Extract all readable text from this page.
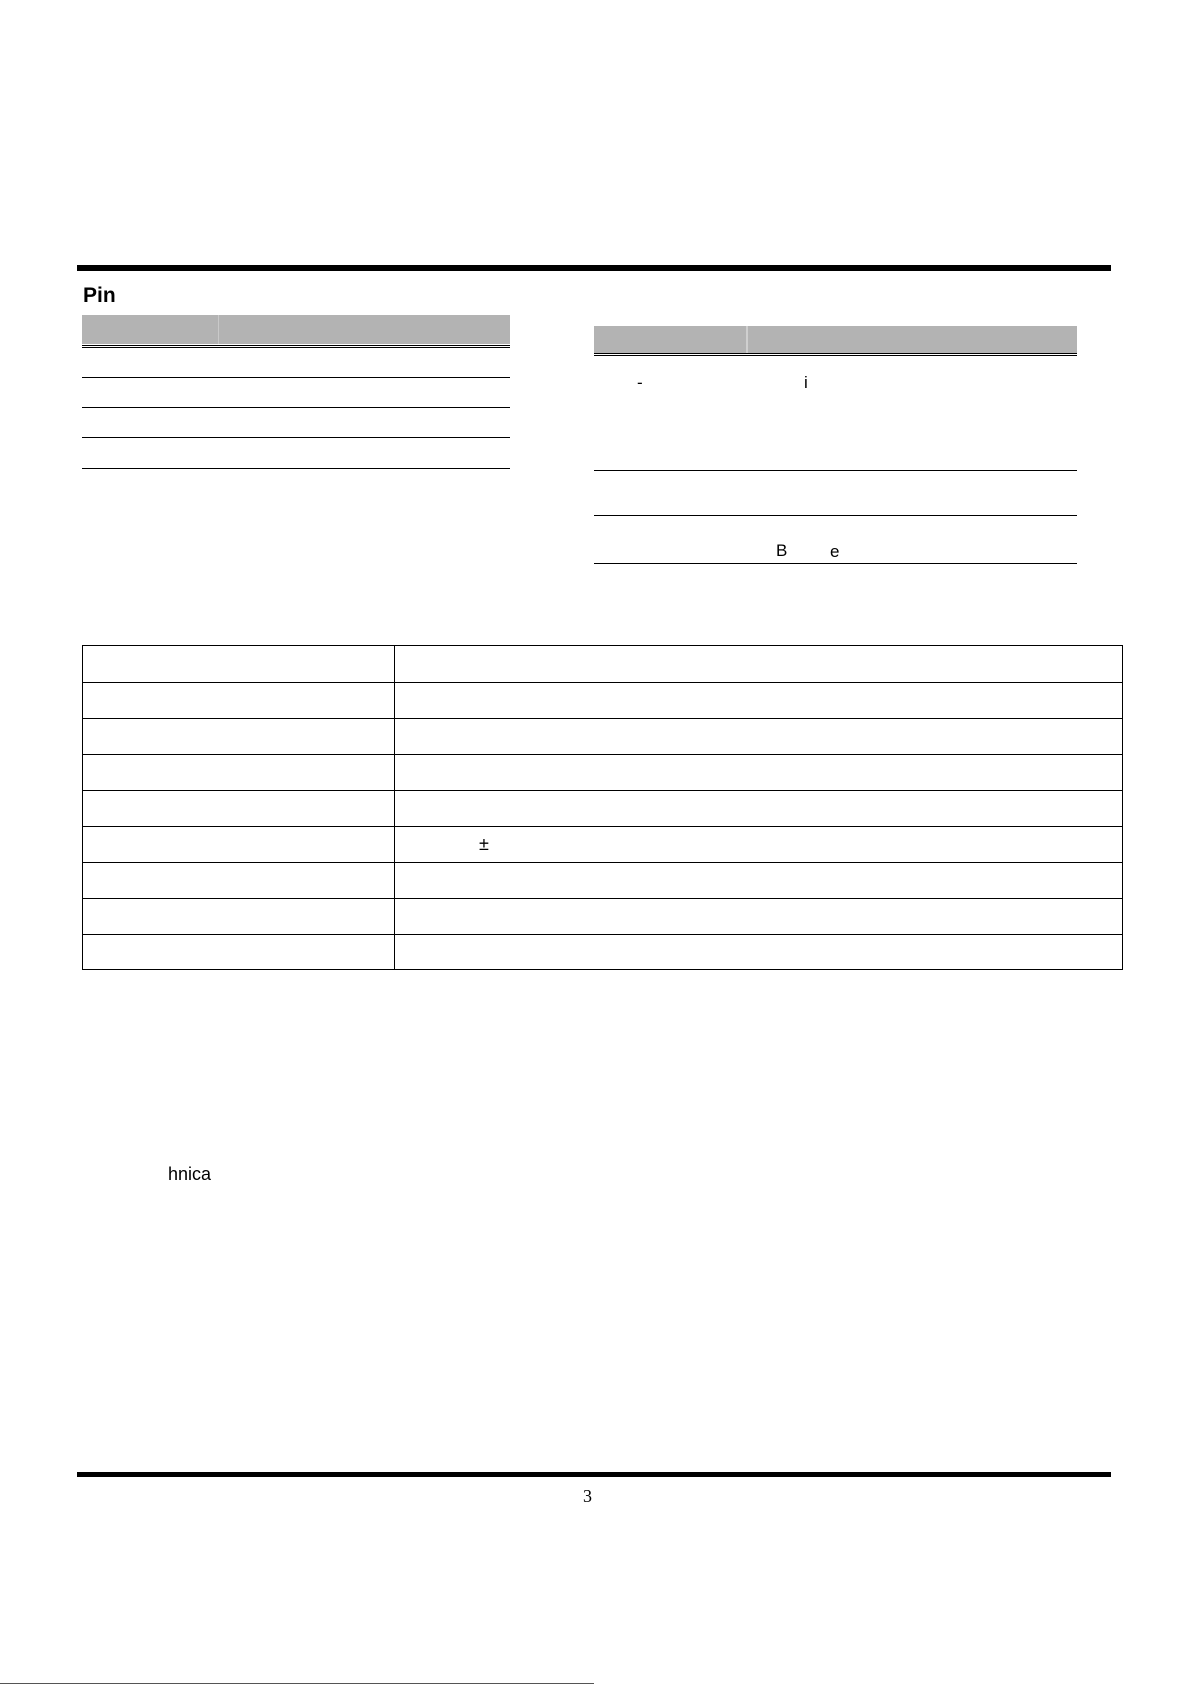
Pin
-	i
B	e
±
hnica
3
